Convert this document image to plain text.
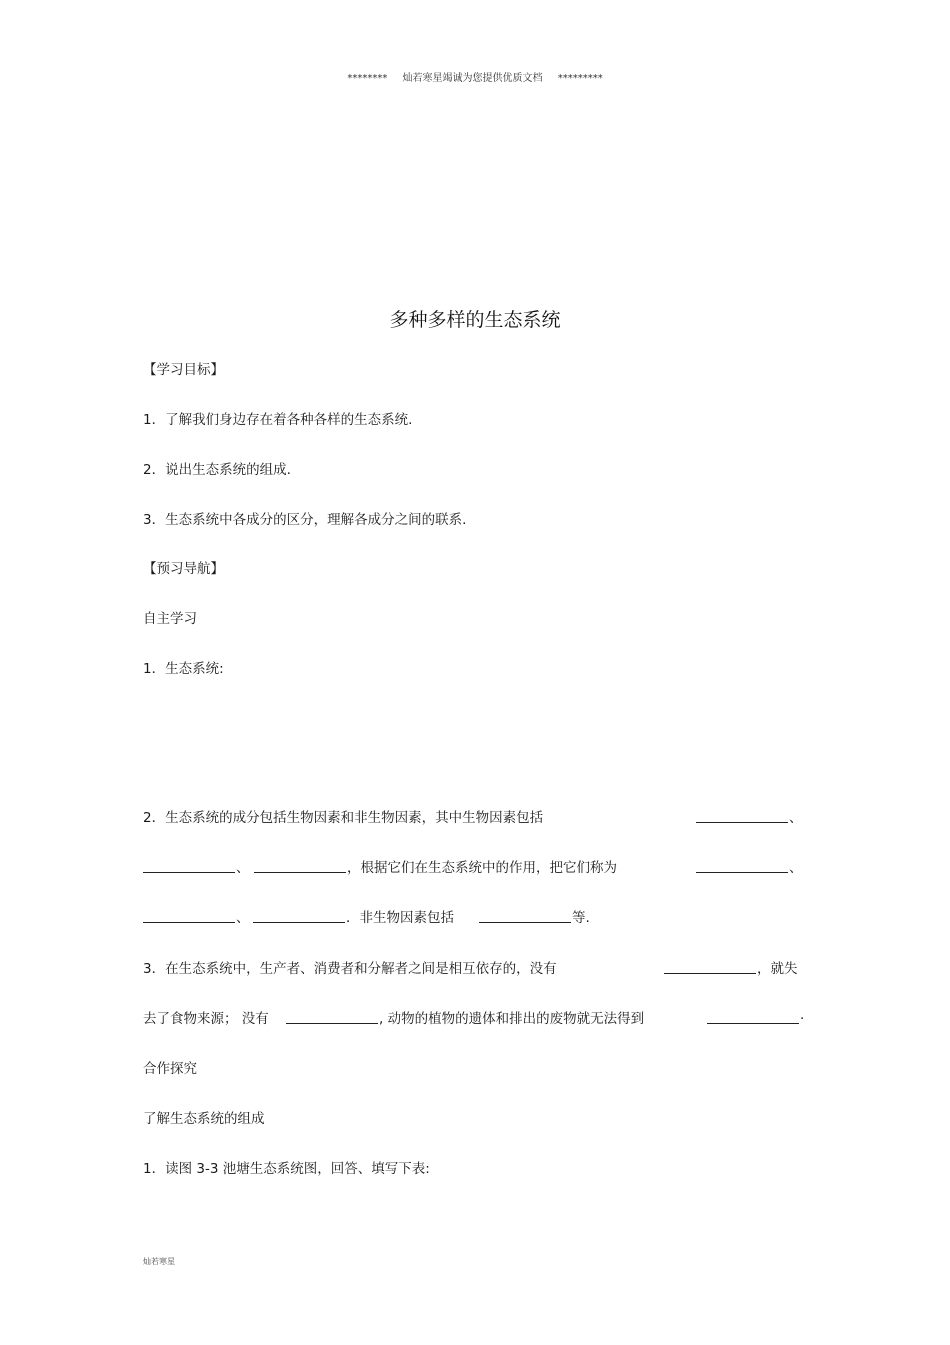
******** 灿若寒星竭诚为您提供优质文档 *********
多种多样的生态系统
【学习目标】
1．了解我们身边存在着各种各样的生态系统.
2．说出生态系统的组成.
3．生态系统中各成分的区分，理解各成分之间的联系.
【预习导航】
自主学习
1．生态系统:
2．生态系统的成分包括生物因素和非生物因素，其中生物因素包括	、
、	，根据它们在生态系统中的作用，把它们称为	、
、	．非生物因素包括	等.
3．在生态系统中，生产者、消费者和分解者之间是相互依存的，没有	，就失
去了食物来源； 没有	, 动物的植物的遗体和排出的废物就无法得到	.
合作探究
了解生态系统的组成
1．读图 3-3 池塘生态系统图，回答、填写下表:
灿若寒星
